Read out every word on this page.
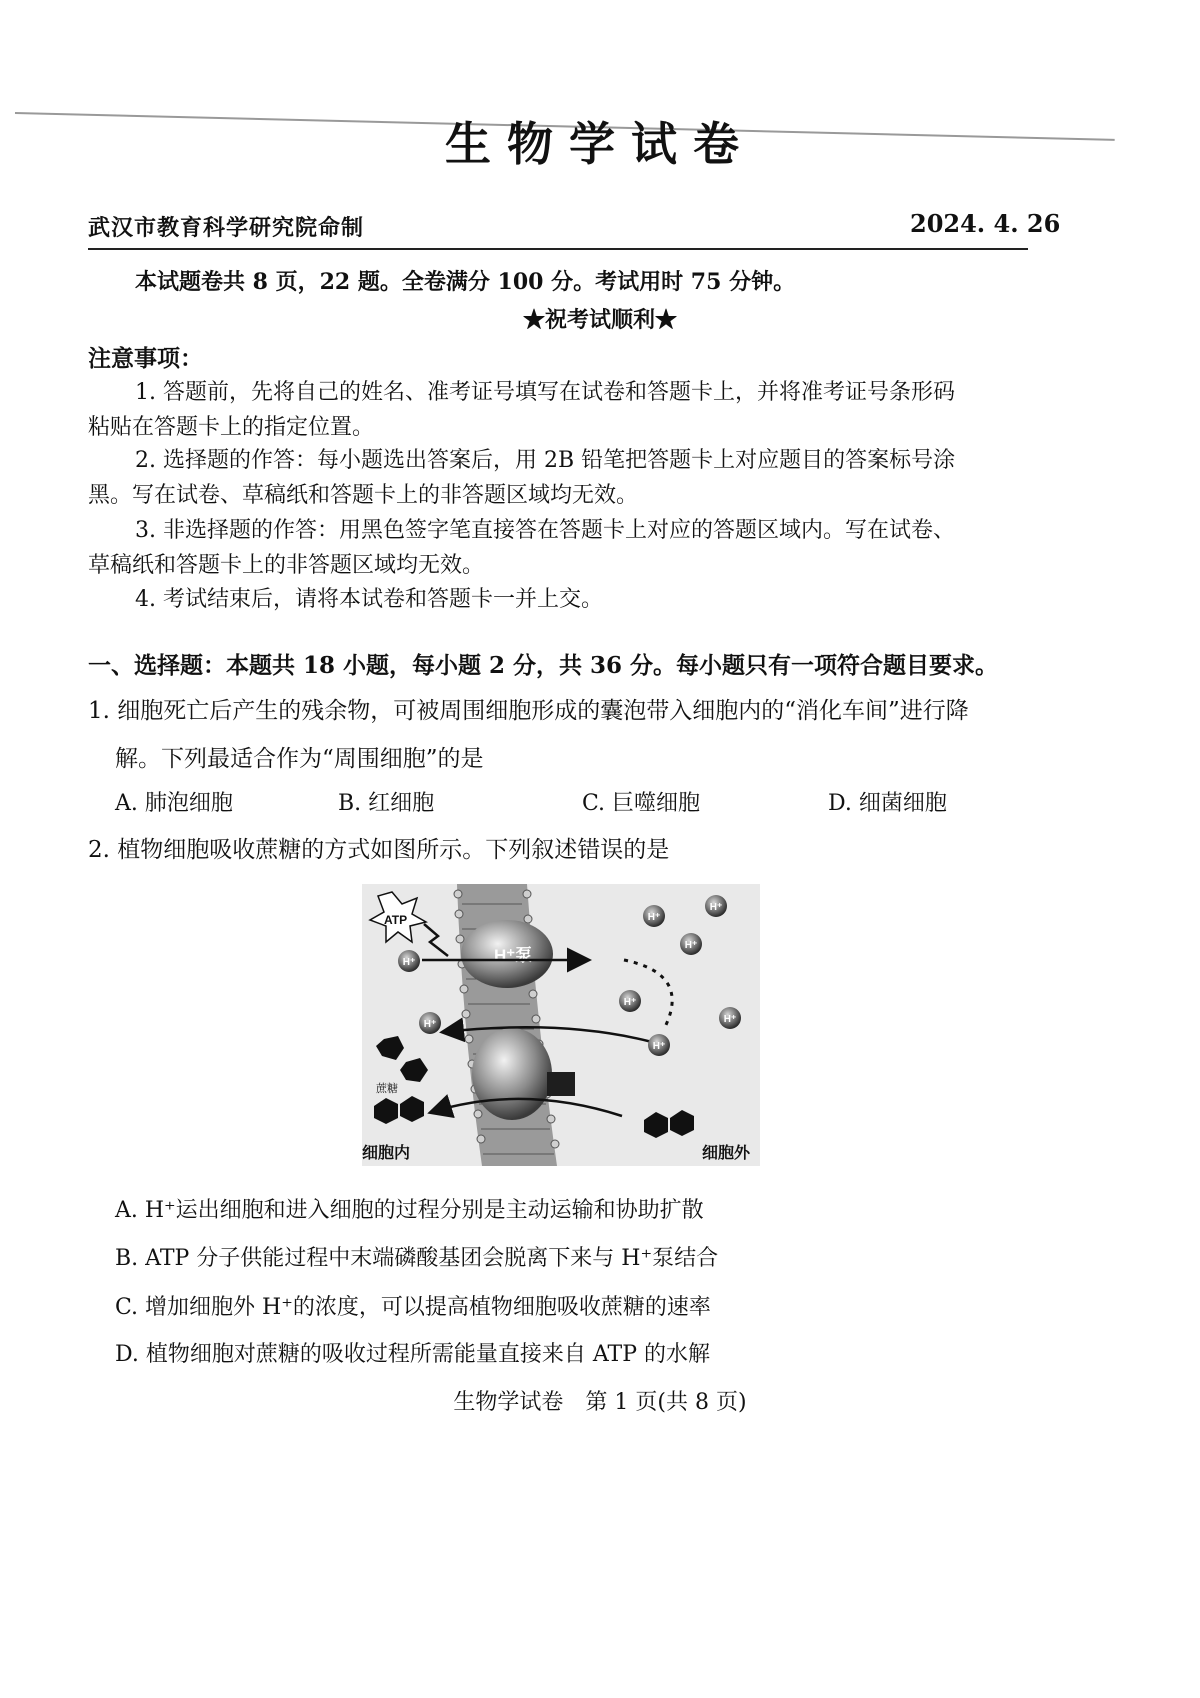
生物学试卷
武汉市教育科学研究院命制	2024. 4. 26
本试题卷共 8 页，22 题。全卷满分 100 分。考试用时 75 分钟。
★祝考试顺利★
注意事项：
1. 答题前，先将自己的姓名、准考证号填写在试卷和答题卡上，并将准考证号条形码
粘贴在答题卡上的指定位置。
2. 选择题的作答：每小题选出答案后，用 2B 铅笔把答题卡上对应题目的答案标号涂
黑。写在试卷、草稿纸和答题卡上的非答题区域均无效。
3. 非选择题的作答：用黑色签字笔直接答在答题卡上对应的答题区域内。写在试卷、
草稿纸和答题卡上的非答题区域均无效。
4. 考试结束后，请将本试卷和答题卡一并上交。
一、选择题：本题共 18 小题，每小题 2 分，共 36 分。每小题只有一项符合题目要求。
1. 细胞死亡后产生的残余物，可被周围细胞形成的囊泡带入细胞内的“消化车间”进行降
解。下列最适合作为“周围细胞”的是
A. 肺泡细胞	B. 红细胞	C. 巨噬细胞	D. 细菌细胞
2. 植物细胞吸收蔗糖的方式如图所示。下列叙述错误的是
H⁺泵
ATP
H⁺
H⁺
H⁺
H⁺
H⁺
H⁺
H⁺
H⁺
蔗糖
细胞内	细胞外
A. H⁺运出细胞和进入细胞的过程分别是主动运输和协助扩散
B. ATP 分子供能过程中末端磷酸基团会脱离下来与 H⁺泵结合
C. 增加细胞外 H⁺的浓度，可以提高植物细胞吸收蔗糖的速率
D. 植物细胞对蔗糖的吸收过程所需能量直接来自 ATP 的水解
生物学试卷　第 1 页(共 8 页)
